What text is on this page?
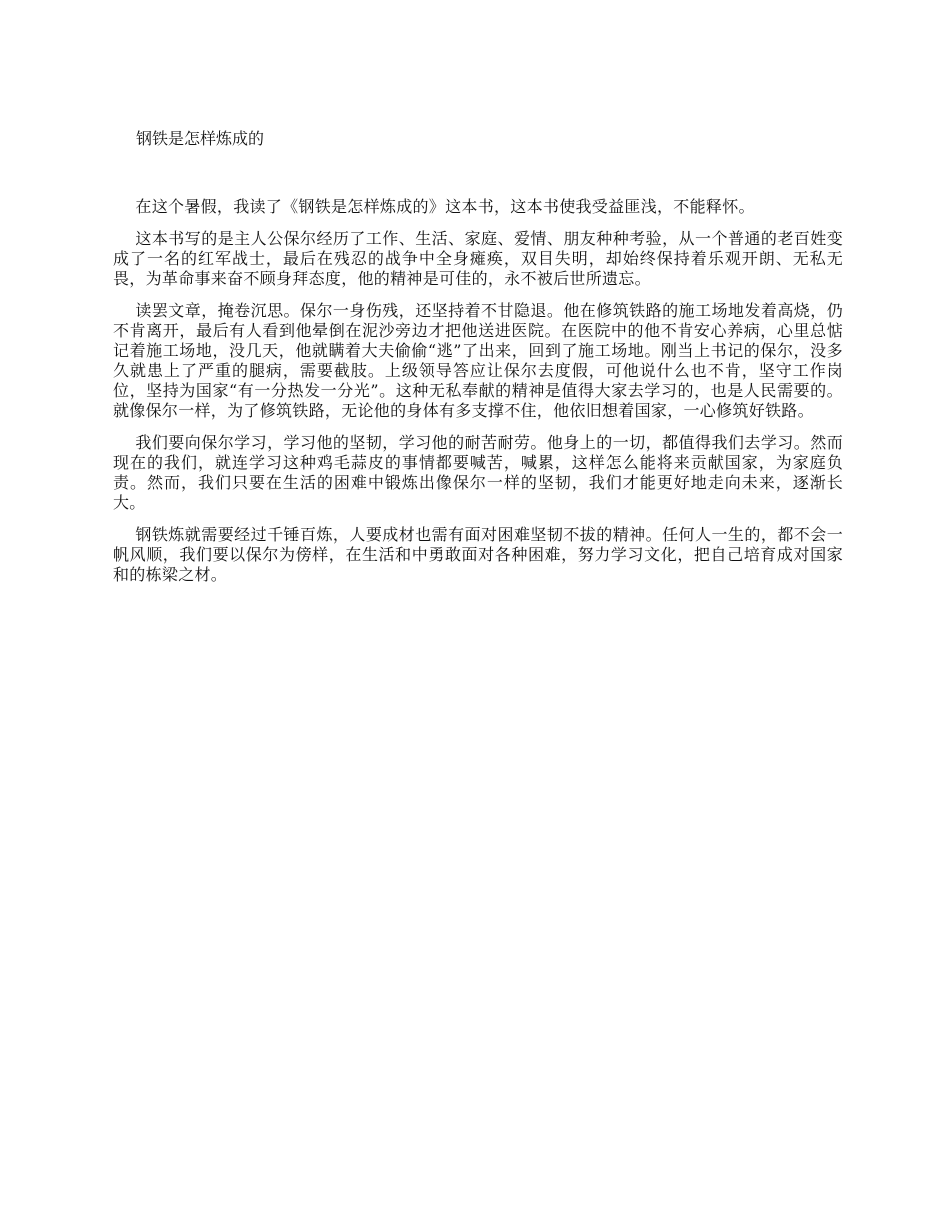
钢铁是怎样炼成的

在这个暑假，我读了《钢铁是怎样炼成的》这本书，这本书使我受益匪浅，不能释怀。

这本书写的是主人公保尔经历了工作、生活、家庭、爱情、朋友种种考验，从一个普通的老百姓变成了一名的红军战士，最后在残忍的战争中全身瘫痪，双目失明，却始终保持着乐观开朗、无私无畏，为革命事来奋不顾身拜态度，他的精神是可佳的，永不被后世所遗忘。

读罢文章，掩卷沉思。保尔一身伤残，还坚持着不甘隐退。他在修筑铁路的施工场地发着高烧，仍不肯离开，最后有人看到他晕倒在泥沙旁边才把他送进医院。在医院中的他不肯安心养病，心里总惦记着施工场地，没几天，他就瞒着大夫偷偷“逃”了出来，回到了施工场地。刚当上书记的保尔，没多久就患上了严重的腿病，需要截肢。上级领导答应让保尔去度假，可他说什么也不肯，坚守工作岗位，坚持为国家“有一分热发一分光”。这种无私奉献的精神是值得大家去学习的，也是人民需要的。就像保尔一样，为了修筑铁路，无论他的身体有多支撑不住，他依旧想着国家，一心修筑好铁路。

我们要向保尔学习，学习他的坚韧，学习他的耐苦耐劳。他身上的一切，都值得我们去学习。然而现在的我们，就连学习这种鸡毛蒜皮的事情都要喊苦，喊累，这样怎么能将来贡献国家，为家庭负责。然而，我们只要在生活的困难中锻炼出像保尔一样的坚韧，我们才能更好地走向未来，逐渐长大。

钢铁炼就需要经过千锤百炼，人要成材也需有面对困难坚韧不拔的精神。任何人一生的，都不会一帆风顺，我们要以保尔为傍样，在生活和中勇敢面对各种困难，努力学习文化，把自己培育成对国家和的栋梁之材。
